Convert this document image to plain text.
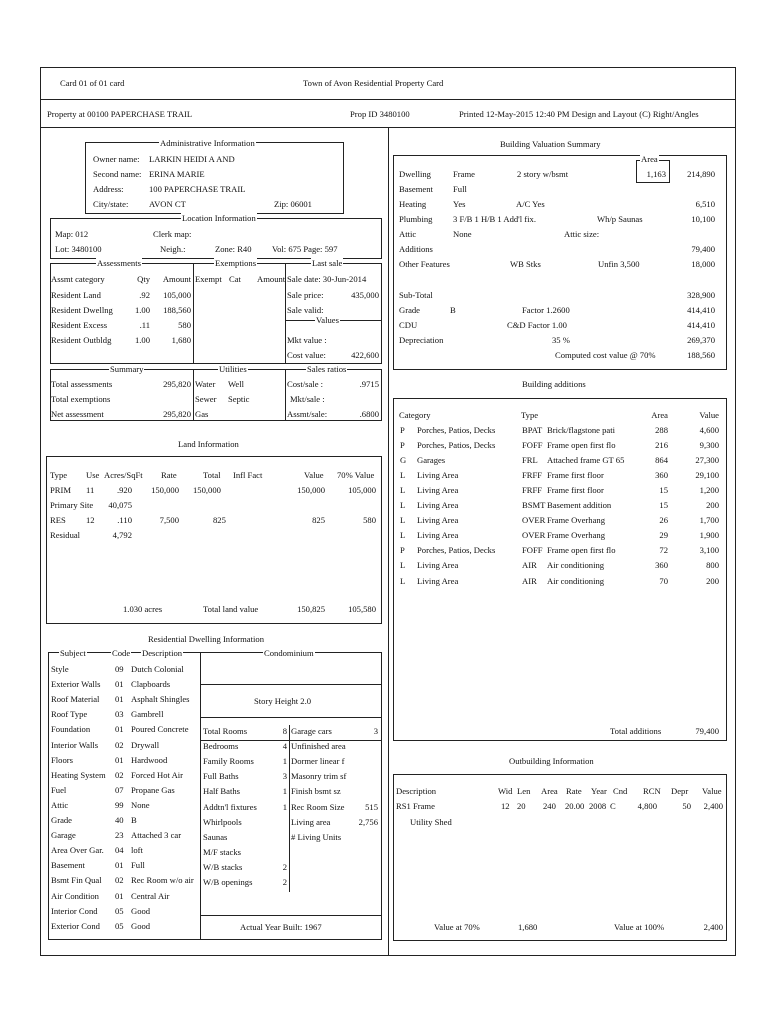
Card 01 of 01 card	Town of Avon Residential Property Card
Property at 00100 PAPERCHASE TRAIL	Prop ID 3480100	Printed 12-May-2015 12:40 PM Design and Layout (C) Right/Angles
Administrative Information
Owner name: LARKIN HEIDI A AND
Second name: ERINA MARIE
Address:	100 PAPERCHASE TRAIL
City/state: AVON CT	Zip: 06001
Location Information
Map: 012	Clerk map:
Lot: 3480100	Neigh.:	Zone: R40 Vol: 675 Page: 597
Assessments	Exemptions	Last sale
Assmt category	Qty	Amount
Resident Land	.92	105,000
Resident Dwellng	1.00	188,560
Resident Excess	.11	580
Resident Outbldg	1.00	1,680
Exempt Cat Amount Sale date: 30-Jun-2014
Sale price:	435,000
Sale valid:
Values
Mkt value :
Cost value:	422,600
Summary	Utilities	Sales ratios
Total assessments	295,820
Total exemptions
Net assessment	295,820
Water Well
Sewer Septic
Gas
Cost/sale :	.9715
Mkt/sale :
Assmt/sale:	.6800
Land Information
Type Use Acres/SqFt Rate	Total Infl Fact	Value 70% Value
PRIM 11	.920	150,000 150,000	150,000	105,000
Primary Site	40,075
RES 12	.110	7,500	825	825	580
Residual	4,792
1.030 acres	Total land value	150,825	105,580
Residential Dwelling Information
Subject	Code Description	Condominium
Style	09 Dutch Colonial
Exterior Walls 01 Clapboards
Roof Material 01 Asphalt Shingles
Roof Type	03 Gambrell
Foundation	01 Poured Concrete
Interior Walls 02 Drywall
Floors	01 Hardwood
Heating System 02 Forced Hot Air
Fuel	07 Propane Gas
Attic	99 None
Grade	40 B
Garage	23 Attached 3 car
Area Over Gar. 04 loft
Basement	01 Full
Bsmt Fin Qual 02 Rec Room w/o air
Air Condition 01 Central Air
Interior Cond 05 Good
Exterior Cond 05 Good
Story Height 2.0
Total Rooms	8
Bedrooms	4
Family Rooms	1
Full Baths	3
Half Baths	1
Addtn'l fixtures	1
Whirlpools
Saunas
M/F stacks
W/B stacks	2
W/B openings	2
Garage cars	3
Unfinished area
Dormer linear f
Masonry trim sf
Finish bsmt sz
Rec Room Size	515
Living area	2,756
# Living Units
Actual Year Built: 1967
Building Valuation Summary
Area
Dwelling	Frame	2 story w/bsmt	1,163	214,890
Basement Full
Heating	Yes	A/C Yes	6,510
Plumbing 3 F/B 1 H/B 1 Add'l fix.	Wh/p Saunas	10,100
Attic	None	Attic size:
Additions	79,400
Other Features	WB Stks	Unfin 3,500	18,000
Sub-Total	328,900
Grade	B	Factor 1.2600	414,410
CDU	C&D Factor 1.00	414,410
Depreciation	35 %	269,370
Computed cost value @ 70%	188,560
Building additions
Category	Type	Area	Value
P Porches, Patios, Decks	BPAT Brick/flagstone pati	288	4,600
P Porches, Patios, Decks	FOFF Frame open first flo	216	9,300
G Garages	FRL Attached frame GT 65	864	27,300
L Living Area	FRFF Frame first floor	360	29,100
L Living Area	FRFF Frame first floor	15	1,200
L Living Area	BSMT Basement addition	15	200
L Living Area	OVER Frame Overhang	26	1,700
L Living Area	OVER Frame Overhang	29	1,900
P Porches, Patios, Decks	FOFF Frame open first flo	72	3,100
L Living Area	AIR Air conditioning	360	800
L Living Area	AIR Air conditioning	70	200
Total additions	79,400
Outbuilding Information
Description	Wid Len Area Rate Year Cnd RCN Depr Value
RS1 Frame	12 20 240 20.00 2008 C	4,800	50	2,400
Utility Shed
Value at 70%	1,680	Value at 100%	2,400
